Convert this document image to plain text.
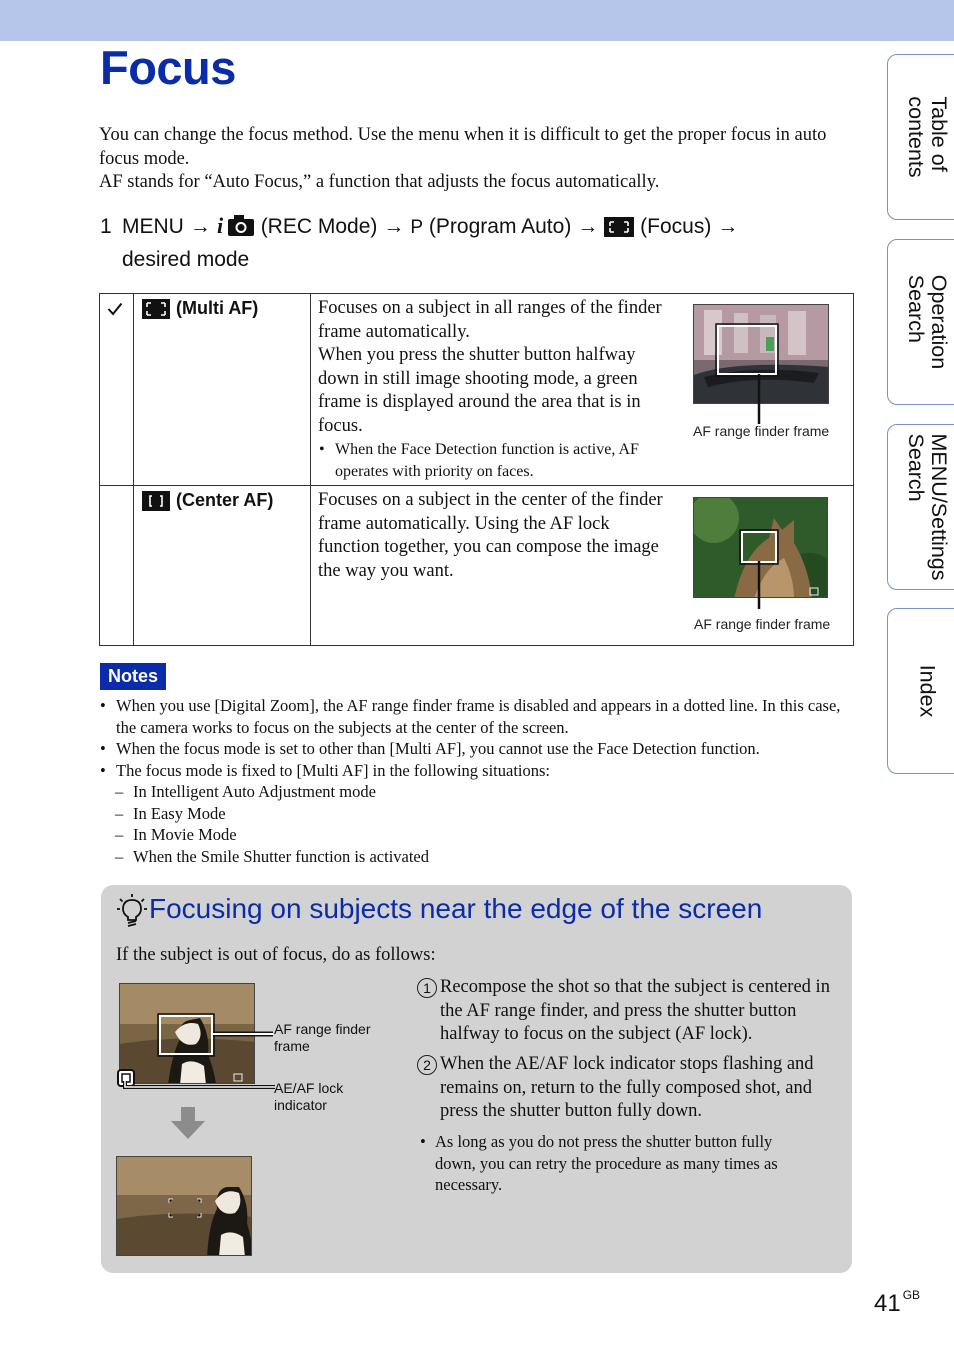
Focus

You can change the focus method. Use the menu when it is difficult to get the proper focus in auto focus mode.

AF stands for “Auto Focus,” a function that adjusts the focus automatically.

1 MENU → i (REC Mode) → P (Program Auto) → (Focus) →
desired mode
(Multi AF)	Focuses on a subject in all ranges of the finder frame automatically.
When you press the shutter button halfway down in still image shooting mode, a green frame is displayed around the area that is in focus.
• When the Face Detection function is active, AF operates with priority on faces.
AF range finder frame
(Center AF) Focuses on a subject in the center of the finder frame automatically. Using the AF lock function together, you can compose the image the way you want.
AF range finder frame
Notes
• When you use [Digital Zoom], the AF range finder frame is disabled and appears in a dotted line. In this case, the camera works to focus on the subjects at the center of the screen.
• When the focus mode is set to other than [Multi AF], you cannot use the Face Detection function.
• The focus mode is fixed to [Multi AF] in the following situations:
– In Intelligent Auto Adjustment mode
– In Easy Mode
– In Movie Mode
– When the Smile Shutter function is activated
Focusing on subjects near the edge of the screen
If the subject is out of focus, do as follows:
AF range finder frame
AE/AF lock indicator
1 Recompose the shot so that the subject is centered in the AF range finder, and press the shutter button halfway to focus on the subject (AF lock).
2 When the AE/AF lock indicator stops flashing and remains on, return to the fully composed shot, and press the shutter button fully down.
• As long as you do not press the shutter button fully down, you can retry the procedure as many times as necessary.
Table of
contents
Operation
Search
MENU/Settings
Search
Index
41 $^{GB}$
